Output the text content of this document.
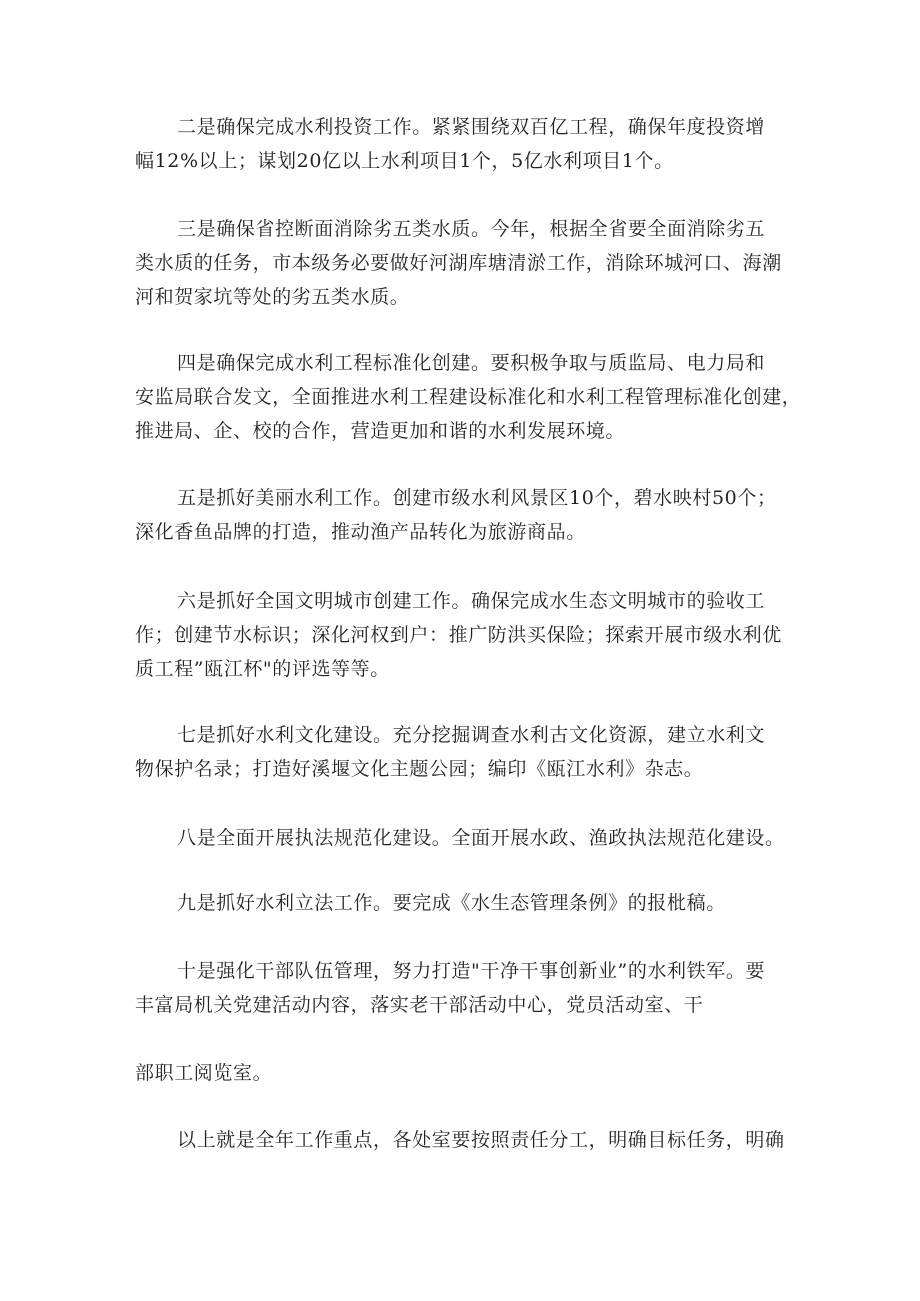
二是确保完成水利投资工作。紧紧围绕双百亿工程，确保年度投资增
幅12%以上；谋划20亿以上水利项目1个，5亿水利项目1个。

三是确保省控断面消除劣五类水质。今年，根据全省要全面消除劣五
类水质的任务，市本级务必要做好河湖库塘清淤工作，消除环城河口、海潮
河和贺家坑等处的劣五类水质。

四是确保完成水利工程标准化创建。要积极争取与质监局、电力局和
安监局联合发文，全面推进水利工程建设标准化和水利工程管理标准化创建，
推进局、企、校的合作，营造更加和谐的水利发展环境。

五是抓好美丽水利工作。创建市级水利风景区10个，碧水映村50个；
深化香鱼品牌的打造，推动渔产品转化为旅游商品。

六是抓好全国文明城市创建工作。确保完成水生态文明城市的验收工
作；创建节水标识；深化河权到户：推广防洪买保险；探索开展市级水利优
质工程”瓯江杯"的评选等等。

七是抓好水利文化建设。充分挖掘调查水利古文化资源，建立水利文
物保护名录；打造好溪堰文化主题公园；编印《瓯江水利》杂志。

八是全面开展执法规范化建设。全面开展水政、渔政执法规范化建设。

九是抓好水利立法工作。要完成《水生态管理条例》的报枇稿。

十是强化干部队伍管理，努力打造"干净干事创新业”的水利铁军。要
丰富局机关党建活动内容，落实老干部活动中心，党员活动室、干

部职工阅览室。

以上就是全年工作重点，各处室要按照责任分工，明确目标任务，明确
